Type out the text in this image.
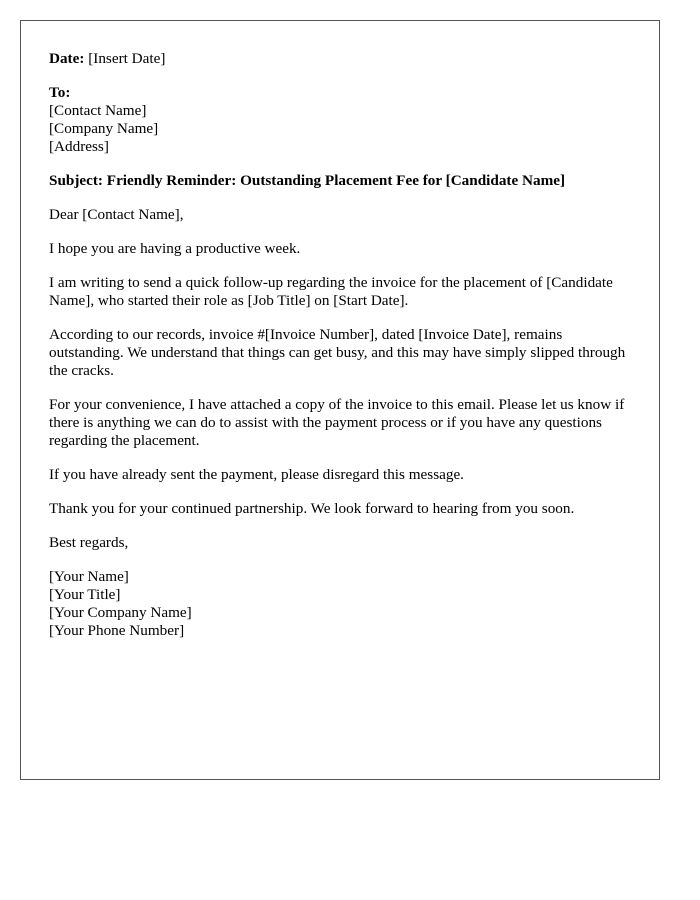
Date: [Insert Date]

To:
[Contact Name]
[Company Name]
[Address]

Subject: Friendly Reminder: Outstanding Placement Fee for [Candidate Name]

Dear [Contact Name],

I hope you are having a productive week.

I am writing to send a quick follow-up regarding the invoice for the placement of [Candidate Name], who started their role as [Job Title] on [Start Date].

According to our records, invoice #[Invoice Number], dated [Invoice Date], remains outstanding. We understand that things can get busy, and this may have simply slipped through the cracks.

For your convenience, I have attached a copy of the invoice to this email. Please let us know if there is anything we can do to assist with the payment process or if you have any questions regarding the placement.

If you have already sent the payment, please disregard this message.

Thank you for your continued partnership. We look forward to hearing from you soon.

Best regards,

[Your Name]
[Your Title]
[Your Company Name]
[Your Phone Number]
